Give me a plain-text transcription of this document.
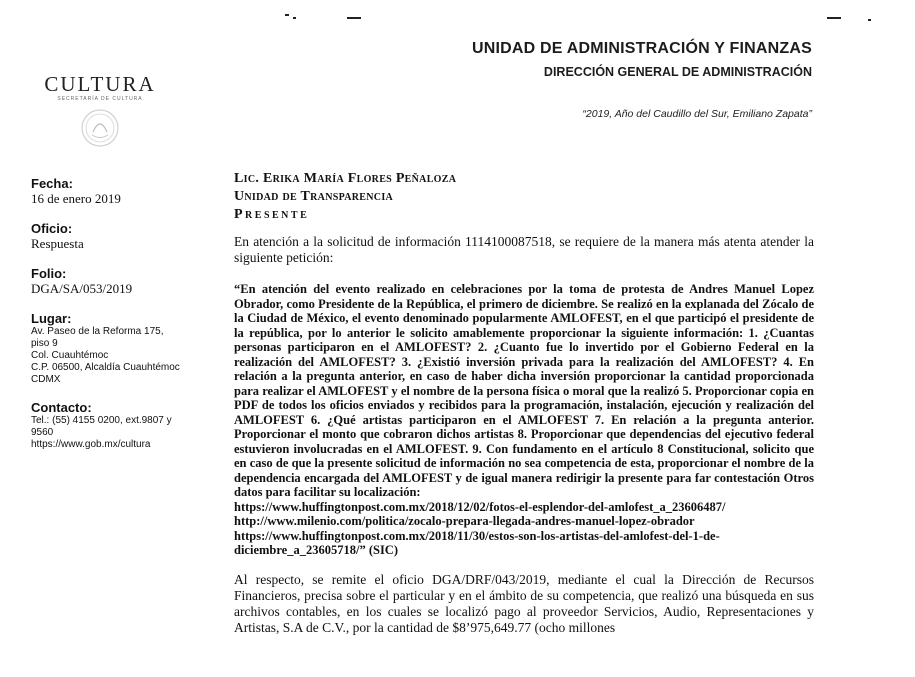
UNIDAD DE ADMINISTRACIÓN Y FINANZAS
DIRECCIÓN GENERAL DE ADMINISTRACIÓN
“2019, Año del Caudillo del Sur, Emiliano Zapata”
CULTURA
SECRETARÍA DE CULTURA
Fecha:
16 de enero 2019
Oficio:
Respuesta
Folio:
DGA/SA/053/2019
Lugar:
Av. Paseo de la Reforma 175,
piso 9
Col. Cuauhtémoc
C.P. 06500, Alcaldía Cuauhtémoc
CDMX
Contacto:
Tel.: (55) 4155 0200, ext.9807 y
9560
https://www.gob.mx/cultura
Lic. Erika María Flores Peñaloza
Unidad de Transparencia
Presente
En atención a la solicitud de información 1114100087518, se requiere de la manera más atenta atender la siguiente petición:
“En atención del evento realizado en celebraciones por la toma de protesta de Andres Manuel Lopez Obrador, como Presidente de la República, el primero de diciembre. Se realizó en la explanada del Zócalo de la Ciudad de México, el evento denominado popularmente AMLOFEST, en el que participó el presidente de la república, por lo anterior le solicito amablemente proporcionar la siguiente información: 1. ¿Cuantas personas participaron en el AMLOFEST? 2. ¿Cuanto fue lo invertido por el Gobierno Federal en la realización del AMLOFEST? 3. ¿Existió inversión privada para la realización del AMLOFEST? 4. En relación a la pregunta anterior, en caso de haber dicha inversión proporcionar la cantidad proporcionada para realizar el AMLOFEST y el nombre de la persona física o moral que la realizó 5. Proporcionar copia en PDF de todos los oficios enviados y recibidos para la programación, instalación, ejecución y realización del AMLOFEST 6. ¿Qué artistas participaron en el AMLOFEST 7. En relación a la pregunta anterior. Proporcionar el monto que cobraron dichos artistas 8. Proporcionar que dependencias del ejecutivo federal estuvieron involucradas en el AMLOFEST. 9. Con fundamento en el artículo 8 Constitucional, solicito que en caso de que la presente solicitud de información no sea competencia de esta, proporcionar el nombre de la dependencia encargada del AMLOFEST y de igual manera redirigir la presente para far contestación Otros datos para facilitar su localización:
https://www.huffingtonpost.com.mx/2018/12/02/fotos-el-esplendor-del-amlofest_a_23606487/
http://www.milenio.com/politica/zocalo-prepara-llegada-andres-manuel-lopez-obrador
https://www.huffingtonpost.com.mx/2018/11/30/estos-son-los-artistas-del-amlofest-del-1-de-diciembre_a_23605718/” (SIC)
Al respecto, se remite el oficio DGA/DRF/043/2019, mediante el cual la Dirección de Recursos Financieros, precisa sobre el particular y en el ámbito de su competencia, que realizó una búsqueda en sus archivos contables, en los cuales se localizó pago al proveedor Servicios, Audio, Representaciones y Artistas, S.A de C.V., por la cantidad de $8’975,649.77 (ocho millones
